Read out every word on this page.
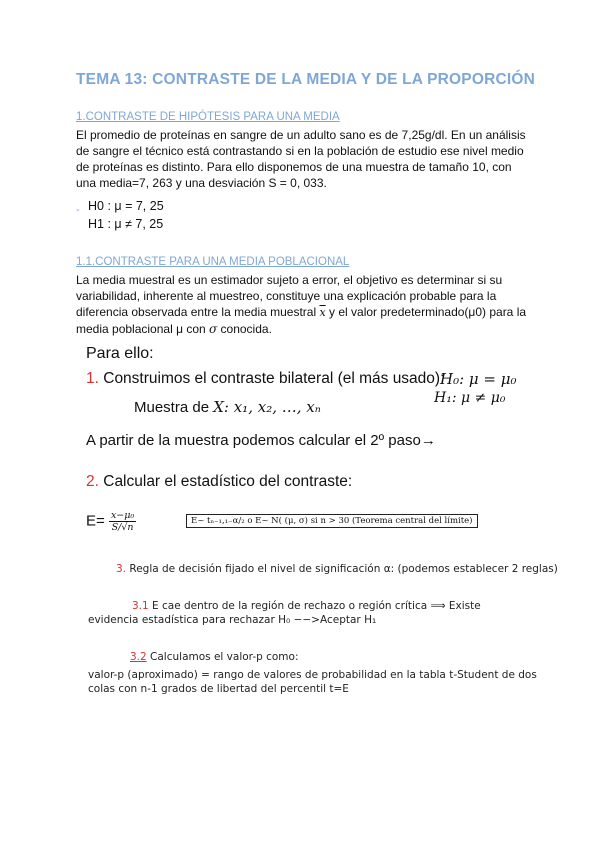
TEMA 13: CONTRASTE DE LA MEDIA Y DE LA PROPORCIÓN
1.CONTRASTE DE HIPÓTESIS PARA UNA MEDIA
El promedio de proteínas en sangre de un adulto sano es de 7,25g/dl. En un análisis
de sangre el técnico está contrastando si en la población de estudio ese nivel medio
de proteínas es distinto. Para ello disponemos de una muestra de tamaño 10, con
una media=7, 263 y una desviación S = 0, 033.
- H0 : μ = 7, 25
H1 : μ ≠ 7, 25
1.1.CONTRASTE PARA UNA MEDIA POBLACIONAL
La media muestral es un estimador sujeto a error, el objetivo es determinar si su
variabilidad, inherente al muestreo, constituye una explicación probable para la
diferencia observada entre la media muestral $\overline{x}$ y el valor predeterminado(μ0) para la
media poblacional μ con σ conocida.
Para ello:
1. Construimos el contraste bilateral (el más usado):
H₀: μ = μ₀
H₁: μ ≠ μ₀
Muestra de X: x₁, x₂, …, xₙ
A partir de la muestra podemos calcular el 2º paso→
2. Calcular el estadístico del contraste:
$E= \frac{\text{x−μ₀}}{S/√n}$	E~ tₙ₋₁,₁₋α/₂ o E~ N( (μ, σ) si n > 30 (Teorema central del límite)
3. Regla de decisión fijado el nivel de significación α: (podemos establecer 2 reglas)
3.1 E cae dentro de la región de rechazo o región crítica ⟹ Existe
evidencia estadística para rechazar H₀ −−>Aceptar H₁
3.2 Calculamos el valor-p como:
valor-p (aproximado) = rango de valores de probabilidad en la tabla t-Student de dos
colas con n-1 grados de libertad del percentil t=E
